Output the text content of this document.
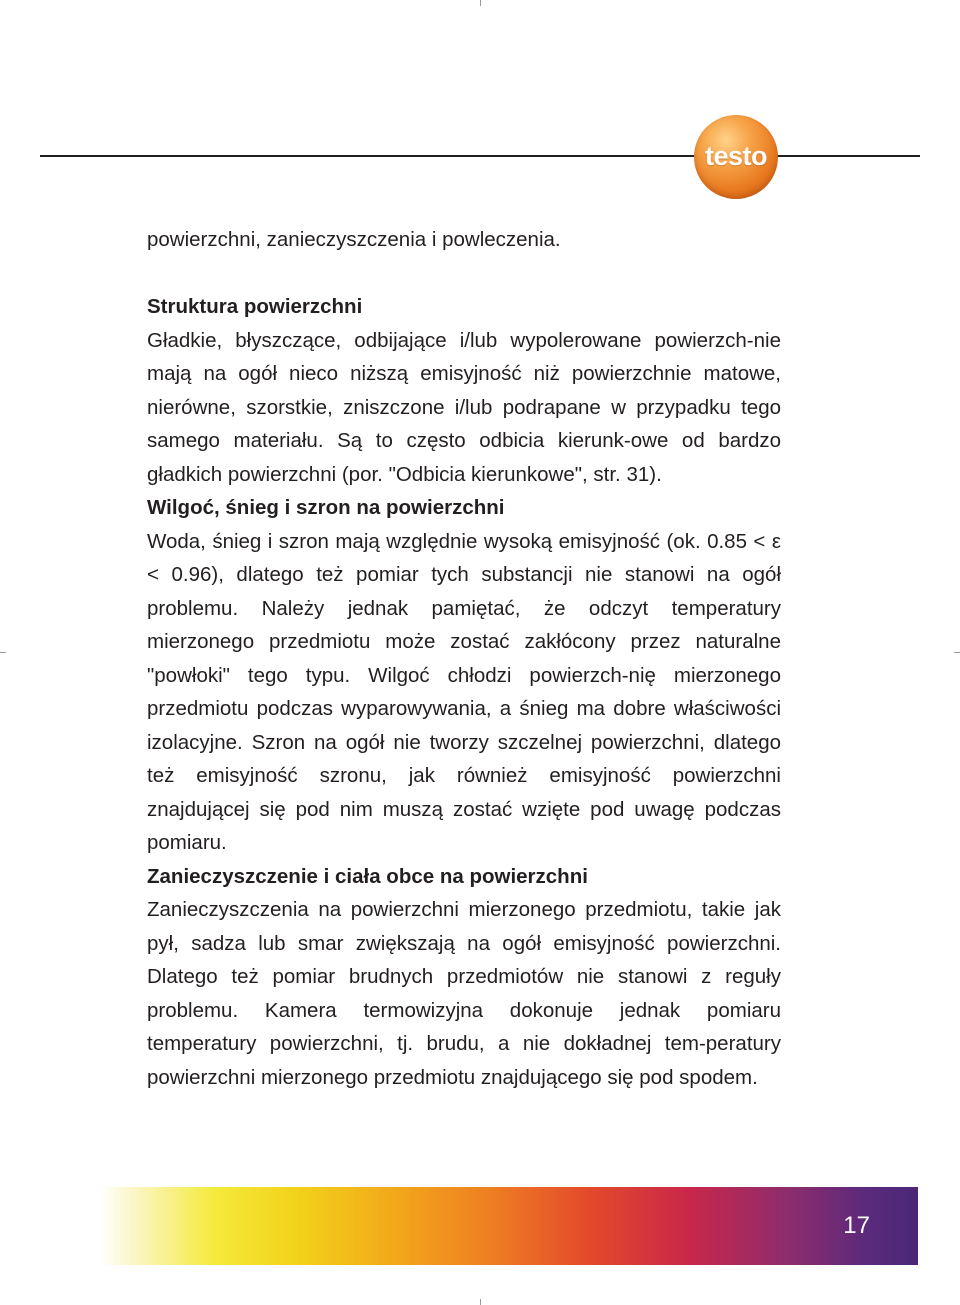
testo

powierzchni, zanieczyszczenia i powleczenia.

Struktura powierzchni

Gładkie, błyszczące, odbijające i/lub wypolerowane powierzch-nie mają na ogół nieco niższą emisyjność niż powierzchnie matowe, nierówne, szorstkie, zniszczone i/lub podrapane w przypadku tego samego materiału. Są to często odbicia kierunk-owe od bardzo gładkich powierzchni (por. "Odbicia kierunkowe", str. 31).

Wilgoć, śnieg i szron na powierzchni

Woda, śnieg i szron mają względnie wysoką emisyjność (ok. 0.85 < ε < 0.96), dlatego też pomiar tych substancji nie stanowi na ogół problemu. Należy jednak pamiętać, że odczyt temperatury mierzonego przedmiotu może zostać zakłócony przez naturalne "powłoki" tego typu. Wilgoć chłodzi powierzch-nię mierzonego przedmiotu podczas wyparowywania, a śnieg ma dobre właściwości izolacyjne. Szron na ogół nie tworzy szczelnej powierzchni, dlatego też emisyjność szronu, jak również emisyjność powierzchni znajdującej się pod nim muszą zostać wzięte pod uwagę podczas pomiaru.

Zanieczyszczenie i ciała obce na powierzchni

Zanieczyszczenia na powierzchni mierzonego przedmiotu, takie jak pył, sadza lub smar zwiększają na ogół emisyjność powierzchni. Dlatego też pomiar brudnych przedmiotów nie stanowi z reguły problemu. Kamera termowizyjna dokonuje jednak pomiaru temperatury powierzchni, tj. brudu, a nie dokładnej tem-peratury powierzchni mierzonego przedmiotu znajdującego się pod spodem.

17
